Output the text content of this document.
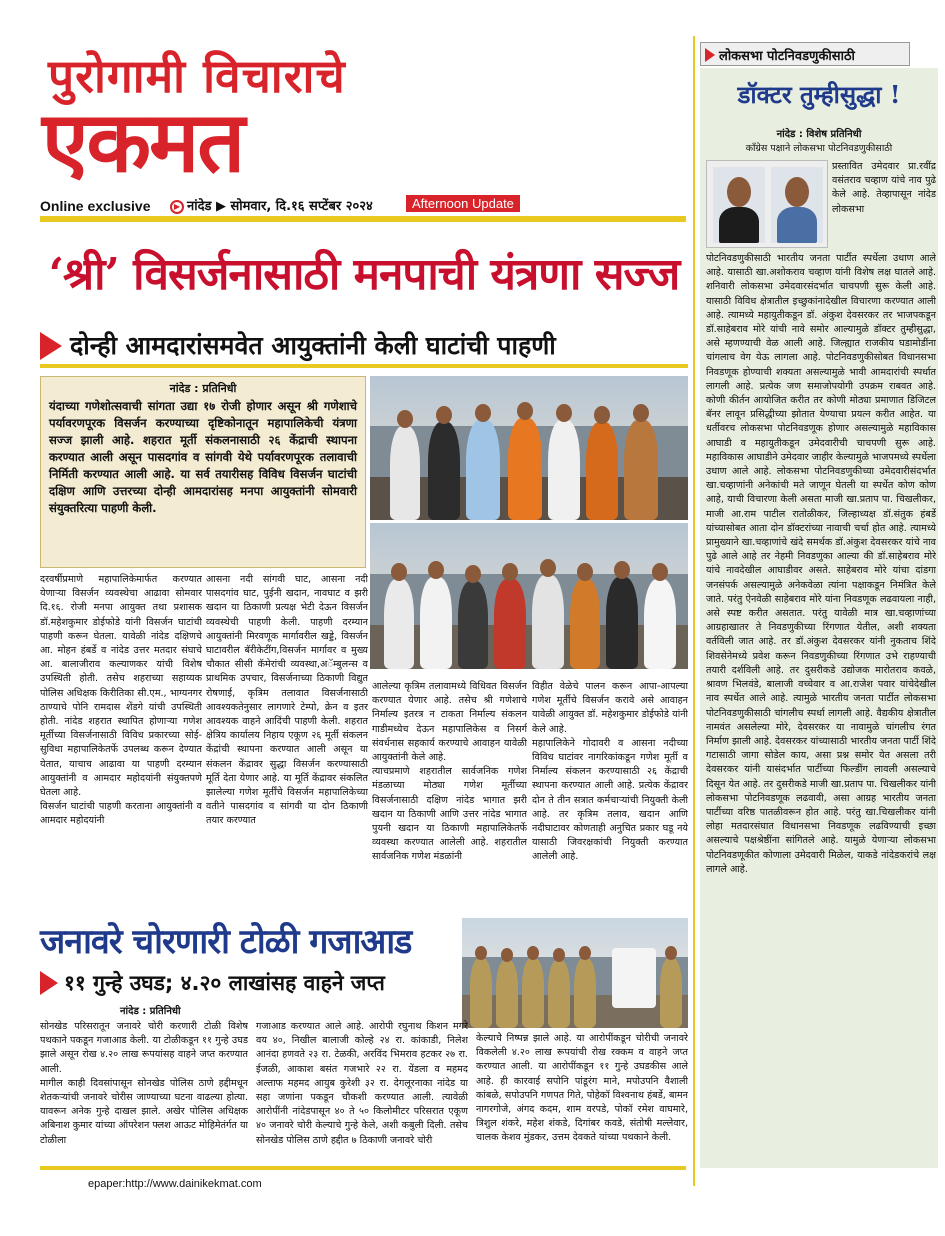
पुरोगामी विचाराचे
एकमत
Online exclusive	▶ नांदेड ▶ सोमवार, दि.१६ सप्टेंबर २०२४	Afternoon Update
‘श्री’ विसर्जनासाठी मनपाची यंत्रणा सज्ज
दोन्ही आमदारांसमवेत आयुक्तांनी केली घाटांची पाहणी
नांदेड : प्रतिनिधी

यंदाच्या गणेशोत्सवाची सांगता उद्या १७ रोजी होणार असून श्री गणेशाचे पर्यावरणपूरक विसर्जन करण्याच्या दृष्टिकोनातून महापालिकेची यंत्रणा सज्ज झाली आहे. शहरात मूर्ती संकलनासाठी २६ केंद्राची स्थापना करण्यात आली असून पासदगांव व सांगवी येथे पर्यावरणपूरक तलावाची निर्मिती करण्यात आली आहे. या सर्व तयारीसह विविध विसर्जन घाटांची दक्षिण आणि उत्तरच्या दोन्ही आमदारांसह मनपा आयुक्तांनी सोमवारी संयुक्तरित्या पाहणी केली.

दरवर्षीप्रमाणे महापालिकेमार्फत करण्यात येणाऱ्या विसर्जन व्यवस्थेचा आढावा सोमवार दि.१६. रोजी मनपा आयुक्त तथा प्रशासक डॉ.महेशकुमार डोईफोडे यांनी विसर्जन घाटांची पाहणी करून घेतला. यावेळी नांदेड दक्षिणचे आ. मोहन हंबर्डे व नांदेड उत्तर मतदार संघाचे आ. बालाजीराव कल्याणकर यांची विशेष उपस्थिती होती. तसेच शहराच्या सहाय्यक पोलिस अधिक्षक किरीतिका सी.एम., भाग्यनगर ठाण्याचे पोनि रामदास शेंडगे यांची उपस्थिती होती. नांदेड शहरात स्थापित होणाऱ्या गणेश मूर्तीच्या विसर्जनासाठी विविध प्रकारच्या सोई-सुविधा महापालिकेतर्फे उपलब्ध करून देण्यात येतात, याचाच आढावा या पाहणी दरम्यान आयुक्तांनी व आमदार महोदयांनी संयुक्तपणे घेतला आहे.
विसर्जन घाटांची पाहणी करताना आयुक्तांनी व आमदार महोदयांनी
आसना नदी सांगवी घाट, आसना नदी पासदगांव घाट, पुईनी खदान, नावघाट व झरी खदान या ठिकाणी प्रत्यक्ष भेटी देऊन विसर्जन व्यवस्थेची पाहणी केली. पाहणी दरम्यान आयुक्तांनी मिरवणूक मार्गावरील खड्डे, विसर्जन घाटावरील बॅरीकेटींग,विसर्जन मार्गावर व मुख्य चौकात सीसी कॅमेरांची व्यवस्था,अॅम्बुलन्स व प्राथमिक उपचार, विसर्जनाच्या ठिकाणी विद्युत रोषणाई, कृत्रिम तलावात विसर्जनासाठी आवश्यकतेनुसार लागणारे टेम्पो, क्रेन व इतर आवश्यक वाहने आदिंची पाहणी केली. शहरात क्षेत्रिय कार्यालय निहाय एकूण २६ मूर्ती संकलन केंद्रांची स्थापना करण्यात आली असून या संकलन केंद्रावर सुद्धा विसर्जन करण्यासाठी मूर्ति देता येणार आहे. या मूर्ति केंद्रावर संकलित झालेल्या गणेश मूर्तींचे विसर्जन महापालिकेच्या वतीने पासदगांव व सांगवी या दोन ठिकाणी तयार करण्यात
आलेल्या कृत्रिम तलावामध्ये विधिवत विसर्जन करण्यात येणार आहे. तसेच श्री गणेशाचे निर्माल्य इतरत्र न टाकता निर्माल्य संकलन गाडीमध्येच देऊन महापालिकेस व निसर्ग संवर्धनास सहकार्य करण्याचे आवाहन यावेळी आयुक्तांनी केले आहे.
त्याचप्रमाणे शहरातील सार्वजनिक गणेश मंडळाच्या मोठ्या गणेश मूर्तीच्या विसर्जनासाठी दक्षिण नांदेड भागात झरी खदान या ठिकाणी आणि उत्तर नांदेड भागात पुयनी खदान या ठिकाणी महापालिकेतर्फे व्यवस्था करण्यात आलेली आहे. शहरातील सार्वजनिक गणेश मंडळांनी
विहीत वेळेचे पालन करून आपा-आपल्या गणेश मूर्तीचे विसर्जन करावे असे आवाहन यावेळी आयुक्त डॉ. महेशकुमार डोईफोडे यांनी केले आहे.
महापालिकेने गोदावरी व आसना नदीच्या विविध घाटांवर नागरिकांकडून गणेश मूर्ती व निर्माल्य संकलन करण्यासाठी २६ केंद्राची स्थापना करण्यात आली आहे. प्रत्येक केंद्रावर दोन ते तीन सत्रात कर्मचाऱ्यांची नियुक्ती केली आहे. तर कृत्रिम तलाव, खदान आणि नदीघाटावर कोणताही अनुचित प्रकार घडू नये यासाठी जिवरक्षकांची नियुक्ती करण्यात आलेली आहे.
जनावरे चोरणारी टोळी गजाआड
११ गुन्हे उघड; ४.२० लाखांसह वाहने जप्त
नांदेड : प्रतिनिधी
सोनखेड परिसरातून जनावरे चोरी करणारी टोळी विशेष पथकाने पकडून गजाआड केली. या टोळीकडून ११ गुन्हे उघड झाले असून रोख ४.२० लाख रूपयांसह वाहने जप्त करण्यात आली.
मागील काही दिवसांपासून सोनखेड पोलिस ठाणे हद्दीमधून शेतकऱ्यांची जनावरे चोरीस जाण्याच्या घटना वाढल्या होत्या. यावरून अनेक गुन्हे दाखल झाले. अखेर पोलिस अधिक्षक अबिनाश कुमार यांच्या ऑपरेशन फ्लश आऊट मोहिमेतंर्गत या टोळीला
गजाआड करण्यात आले आहे. आरोपी रघुनाथ किशन मगरे वय ४०, निखील बालाजी कोल्हे २४ रा. कांकाडी, निलेश आनंदा हणवते २३ रा. टेळकी, अरविंद भिमराव हटकर २७ रा. ईजळी, आकाश बसंत गजभारे २२ रा. येंडला व महमद अल्ताफ महमद आयुब कुरेशी ३२ रा. देगलूरनाका नांदेड या सहा जणांना पकडून चौकशी करण्यात आली. त्यावेळी आरोपींनी नांदेडपासून ४० ते ५० किलोमीटर परिसरात एकूण ४० जनावरे चोरी केल्याचे गुन्हे केले, अशी कबुली दिली. तसेच सोनखेड पोलिस ठाणे हद्दीत ७ ठिकाणी जनावरे चोरी
केल्याचेे निष्पन्न झाले आहे. या आरोपींकडून चोरीची जनावरे विकलेली ४.२० लाख रूपयांची रोख रक्कम व वाहने जप्त करण्यात आली. या आरोपींकडून ११ गुन्हे उघडकीस आले आहे. ही कारवाई सपोनि पांडूरंग माने, मपोउपनि वैशाली कांबळे, सपोउपनि गणपत गिते, पोहेकॉ विश्वनाथ हंबर्डे, बामन नागरगोजे, अंगद कदम, शाम वरपडे, पोकॉ रमेश वाघमारे, त्रिशुल शंकरे, महेश शंकडे, दिगांबर कवडे, संतोषी मल्लेवार, चालक केशव मुंडकर, उत्तम देवकते यांच्या पथकाने केली.
epaper:http://www.dainikekmat.com
लोकसभा पोटनिवडणुकीसाठी
डॉक्टर तुम्हीसुद्धा !
नांदेड : विशेष प्रतिनिधी
काँग्रेस पक्षाने लोकसभा पोटनिवडणुकीसाठी
प्रस्तावित उमेदवार प्रा.रवींद्र वसंतराव चव्हाण यांचे नाव पुढे केले आहे. तेव्हापासून नांदेड लोकसभा
पोटनिवडणुकीसाठी भारतीय जनता पार्टीत स्पर्धेला उधाण आले आहे. यासाठी खा.अशोकराव चव्हाण यांनी विशेष लक्ष घातले आहे. शनिवारी लोकसभा उमेदवारसंदर्भात चाचपणी सुरू केली आहे. यासाठी विविध क्षेत्रातील इच्छुकांनादेखील विचारणा करण्यात आली आहे. त्यामध्ये महायुतीकडून डॉ. अंकुश देवसरकर तर भाजपकडून डॉ.साहेबराव मोरे यांची नावे समोर आल्यामुळे डॉक्टर तुम्हीसुद्धा, असे म्हणण्याची वेळ आली आहे. जिल्ह्यात राजकीय घडामोडींना चांगलाच वेग येऊ लागला आहे. पोटनिवडणुकीसोबत विधानसभा निवडणूक होण्याची शक्यता असल्यामुळे भावी आमदारांची स्पर्धात लागली आहे. प्रत्येक जण समाजोपयोगी उपक्रम राबवत आहे. कोणी कीर्तन आयोजित करीत तर कोणी मोठ्या प्रमाणात डिजिटल बॅनर लावून प्रसिद्धीच्या झोतात येण्याचा प्रयत्न करीत आहेत. या धर्तीवरच लोकसभा पोटनिवडणूक होणार असल्यामुळे महाविकास आघाडी व महायुतीकडून उमेदवारीची चाचपणी सुरू आहे. महाविकास आघाडीने उमेदवार जाहीर केल्यामुळे भाजपमध्ये स्पर्धेला उधाण आले आहे. लोकसभा पोटनिवडणुकीच्या उमेदवारीसंदर्भात खा.चव्हाणांनी अनेकांची मते जाणून घेतली या स्पर्धेत कोण कोण आहे, याची विचारणा केली असता माजी खा.प्रताप पा. चिखलीकर, माजी आ.राम पाटील रातोळीकर, जिल्हाध्यक्ष डॉ.संतुक हंबर्डे यांच्यासोबत आता दोन डॉक्टरांच्या नावाची चर्चा होत आहे. त्यामध्ये प्रामुख्याने खा.चव्हाणांचे खंदे समर्थक डॉ.अंकुश देवसरकर यांचे नाव पुढे आले आहे तर नेहमी निवडणुका आल्या की डॉ.साहेबराव मोरे यांचे नावदेखील आघाडीवर असते. साहेबराव मोरे यांचा दांडगा जनसंपर्क असल्यामुळे अनेकवेळा त्यांना पक्षाकडून निमंत्रित केले जाते. परंतु ऐनवेळी साहेबराव मोरे यांना निवडणूक लढवायला नाही, असे स्पष्ट करीत असतात. परंतु यावेळी मात्र खा.चव्हाणांच्या आग्रहाखातर ते निवडणुकीच्या रिंगणात येतील, अशी शक्यता वर्तविली जात आहे. तर डॉ.अंकुश देवसरकर यांनी नुकताच शिंदे शिवसेनेमध्ये प्रवेश करून निवडणुकीच्या रिंगणात उभे राहण्याची तयारी दर्शविली आहे. तर दुसरीकडे उद्योजक मारोतराव कवळे, श्रावण भिलवंडे, बालाजी वच्चेवार व आ.राजेश पवार यांचेदेखील नाव स्पर्धेत आले आहे. त्यामुळे भारतीय जनता पार्टीत लोकसभा पोटनिवडणुकीसाठी चांगलीच स्पर्धा लागली आहे. वैद्यकीय क्षेत्रातील नामवंत असलेल्या मोरे, देवसरकर या नावामुळे चांगलीच रंगत निर्माण झाली आहे. देवसरकर यांच्यासाठी भारतीय जनता पार्टी शिंदे गटासाठी जागा सोडेल काय, असा प्रश्न समोर येत असला तरी देवसरकर यांनी यासंदर्भात पार्टीच्या फिल्डींग लावली असल्याचे दिसून येत आहे. तर दुसरीकडे माजी खा.प्रताप पा. चिखलीकर यांनी लोकसभा पोटनिवडणूक लढवावी, असा आग्रह भारतीय जनता पार्टीच्या वरिष्ठ पातळीवरून होत आहे. परंतु खा.चिखलीकर यांनी लोहा मतदारसंघात विधानसभा निवडणूक लढविण्याची इच्छा असल्याचे पक्षश्रेष्ठींना सांगितले आहे. यामुळे येणाऱ्या लोकसभा पोटनिवडणूकीत कोणाला उमेदवारी मिळेल, याकडे नांदेडकरांचे लक्ष लागले आहे.
